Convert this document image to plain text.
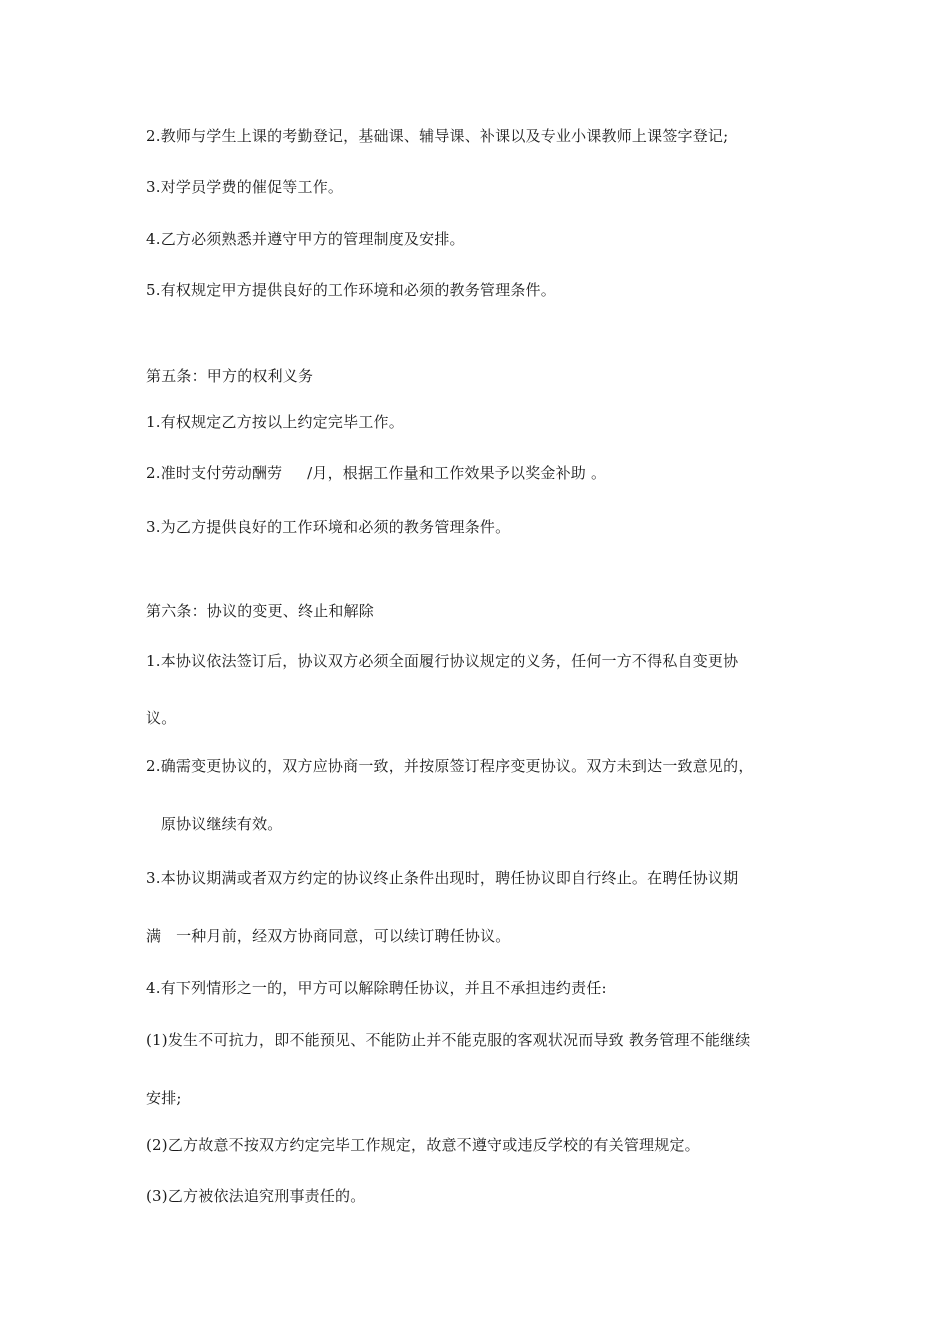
2.教师与学生上课的考勤登记，基础课、辅导课、补课以及专业小课教师上课签字登记;
3.对学员学费的催促等工作。
4.乙方必须熟悉并遵守甲方的管理制度及安排。
5.有权规定甲方提供良好的工作环境和必须的教务管理条件。
第五条：甲方的权利义务
1.有权规定乙方按以上约定完毕工作。
2.准时支付劳动酬劳     /月，根据工作量和工作效果予以奖金补助 。
3.为乙方提供良好的工作环境和必须的教务管理条件。
第六条：协议的变更、终止和解除
1.本协议依法签订后，协议双方必须全面履行协议规定的义务，任何一方不得私自变更协
议。
2.确需变更协议的，双方应协商一致，并按原签订程序变更协议。双方未到达一致意见的，
原协议继续有效。
3.本协议期满或者双方约定的协议终止条件出现时，聘任协议即自行终止。在聘任协议期
满   一种月前，经双方协商同意，可以续订聘任协议。
4.有下列情形之一的，甲方可以解除聘任协议，并且不承担违约责任:
(1)发生不可抗力，即不能预见、不能防止并不能克服的客观状况而导致 教务管理不能继续
安排;
(2)乙方故意不按双方约定完毕工作规定，故意不遵守或违反学校的有关管理规定。
(3)乙方被依法追究刑事责任的。
